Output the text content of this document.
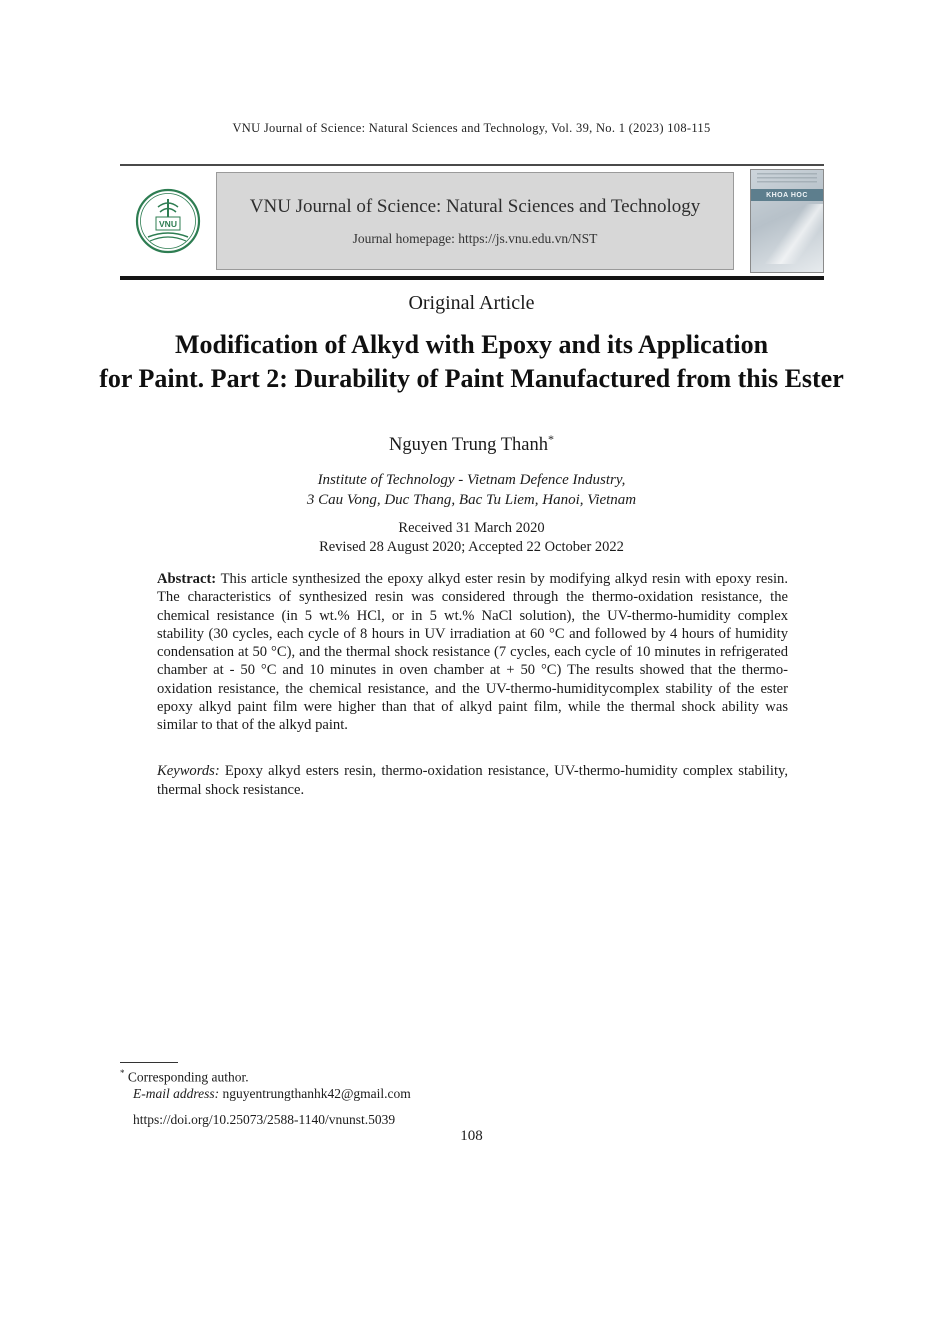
VNU Journal of Science: Natural Sciences and Technology, Vol. 39, No. 1 (2023) 108-115
VNU
VNU Journal of Science: Natural Sciences and Technology
Journal homepage: https://js.vnu.edu.vn/NST
KHOA HOC
Original Article
Modification of Alkyd with Epoxy and its Application
for Paint. Part 2: Durability of Paint Manufactured from this Ester
Nguyen Trung Thanh*
Institute of Technology - Vietnam Defence Industry,
3 Cau Vong, Duc Thang, Bac Tu Liem, Hanoi, Vietnam
Received 31 March 2020
Revised 28 August 2020; Accepted 22 October 2022

Abstract: This article synthesized the epoxy alkyd ester resin by modifying alkyd resin with epoxy resin. The characteristics of synthesized resin was considered through the thermo-oxidation resistance, the chemical resistance (in 5 wt.% HCl, or in 5 wt.% NaCl solution), the UV-thermo-humidity complex stability (30 cycles, each cycle of 8 hours in UV irradiation at 60 °C and followed by 4 hours of humidity condensation at 50 °C), and the thermal shock resistance (7 cycles, each cycle of 10 minutes in refrigerated chamber at - 50 °C and 10 minutes in oven chamber at + 50 °C) The results showed that the thermo-oxidation resistance, the chemical resistance, and the UV-thermo-humiditycomplex stability of the ester epoxy alkyd paint film were higher than that of alkyd paint film, while the thermal shock ability was similar to that of the alkyd paint.

Keywords: Epoxy alkyd esters resin, thermo-oxidation resistance, UV-thermo-humidity complex stability, thermal shock resistance.

* Corresponding author.
E-mail address: nguyentrungthanhk42@gmail.com
https://doi.org/10.25073/2588-1140/vnunst.5039
108
